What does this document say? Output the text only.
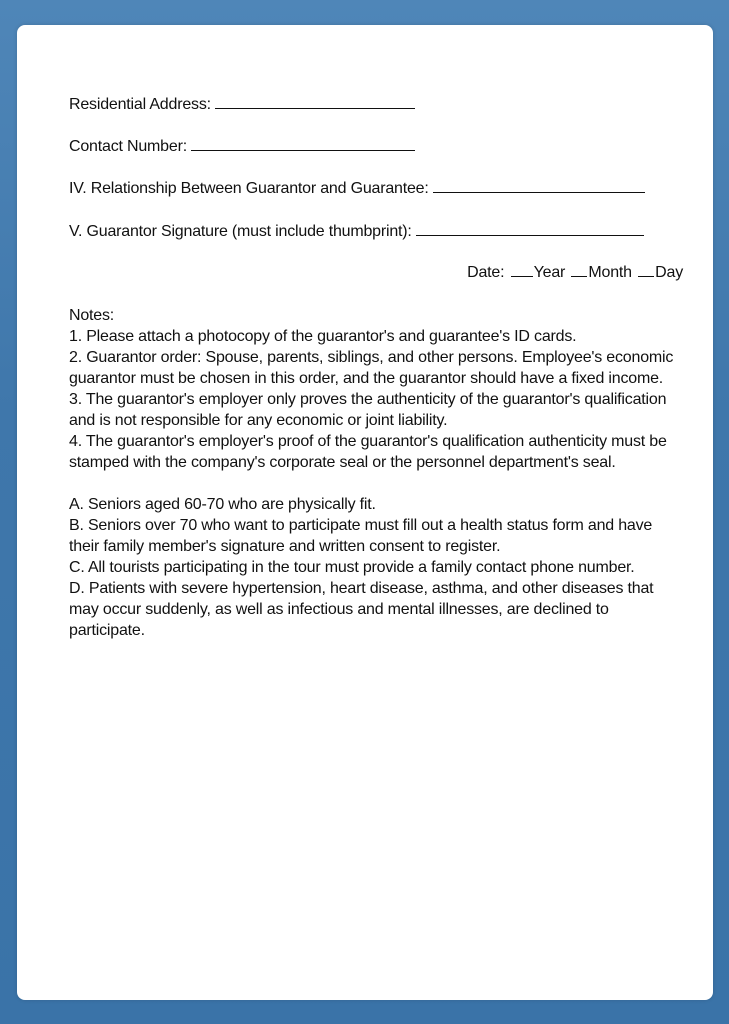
Residential Address:
Contact Number:
IV. Relationship Between Guarantor and Guarantee:
V. Guarantor Signature (must include thumbprint):
Date: Year Month Day

Notes:

1. Please attach a photocopy of the guarantor's and guarantee's ID cards.

2. Guarantor order: Spouse, parents, siblings, and other persons. Employee's economic guarantor must be chosen in this order, and the guarantor should have a fixed income.

3. The guarantor's employer only proves the authenticity of the guarantor's qualification and is not responsible for any economic or joint liability.

4. The guarantor's employer's proof of the guarantor's qualification authenticity must be stamped with the company's corporate seal or the personnel department's seal.

A. Seniors aged 60-70 who are physically fit.

B. Seniors over 70 who want to participate must fill out a health status form and have their family member's signature and written consent to register.

C. All tourists participating in the tour must provide a family contact phone number.

D. Patients with severe hypertension, heart disease, asthma, and other diseases that may occur suddenly, as well as infectious and mental illnesses, are declined to participate.
